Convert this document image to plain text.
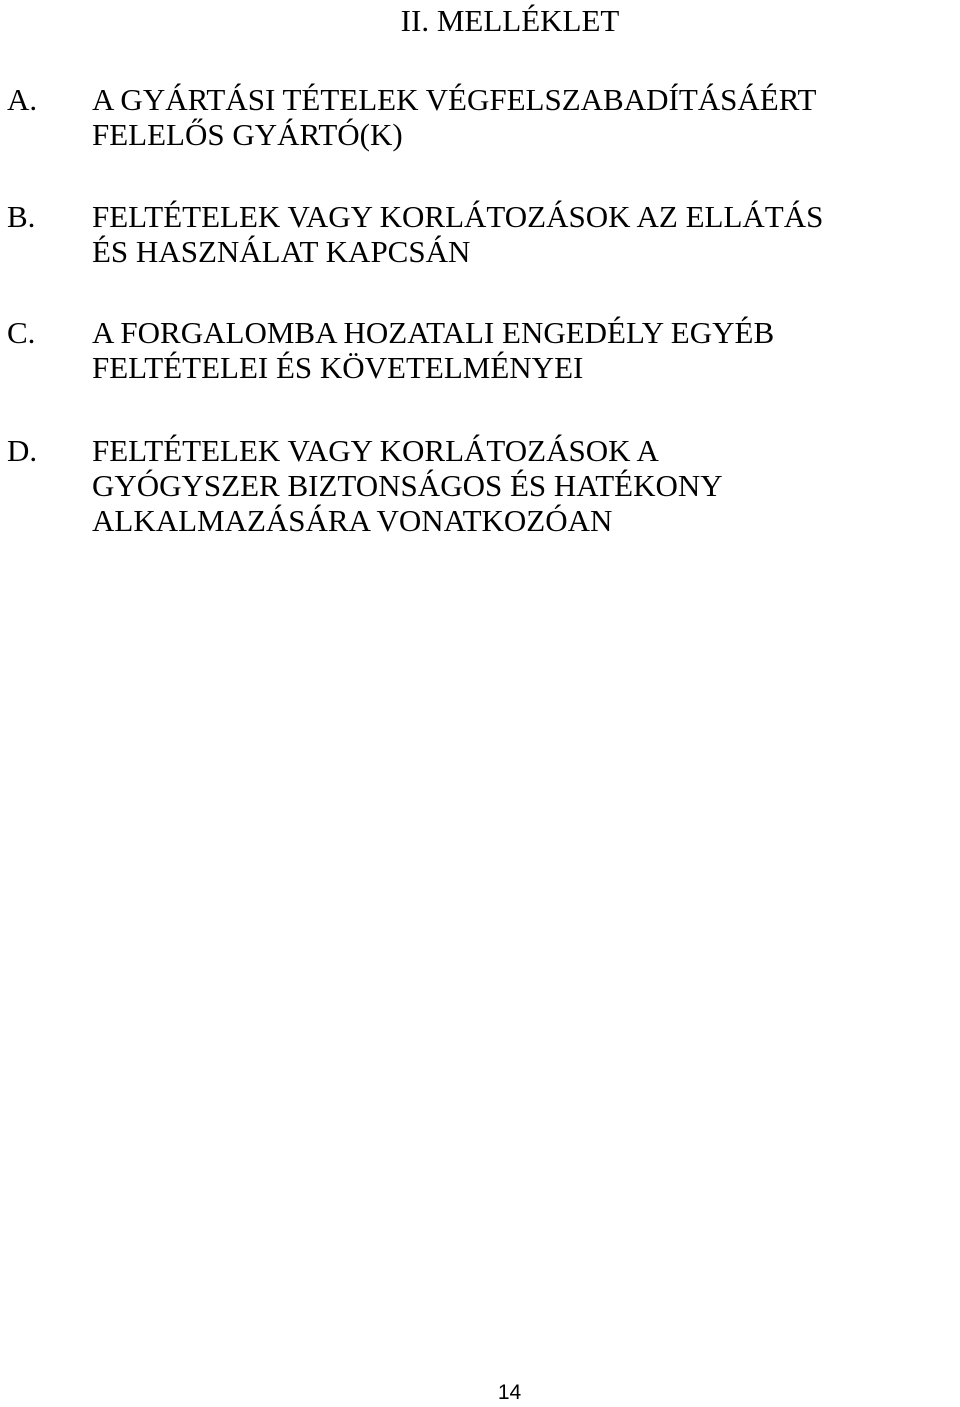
II. MELLÉKLET
A. A GYÁRTÁSI TÉTELEK VÉGFELSZABADÍTÁSÁÉRT
FELELŐS GYÁRTÓ(K)
B. FELTÉTELEK VAGY KORLÁTOZÁSOK AZ ELLÁTÁS
ÉS HASZNÁLAT KAPCSÁN
C. A FORGALOMBA HOZATALI ENGEDÉLY EGYÉB
FELTÉTELEI ÉS KÖVETELMÉNYEI
D. FELTÉTELEK VAGY KORLÁTOZÁSOK A
GYÓGYSZER BIZTONSÁGOS ÉS HATÉKONY
ALKALMAZÁSÁRA VONATKOZÓAN
14
